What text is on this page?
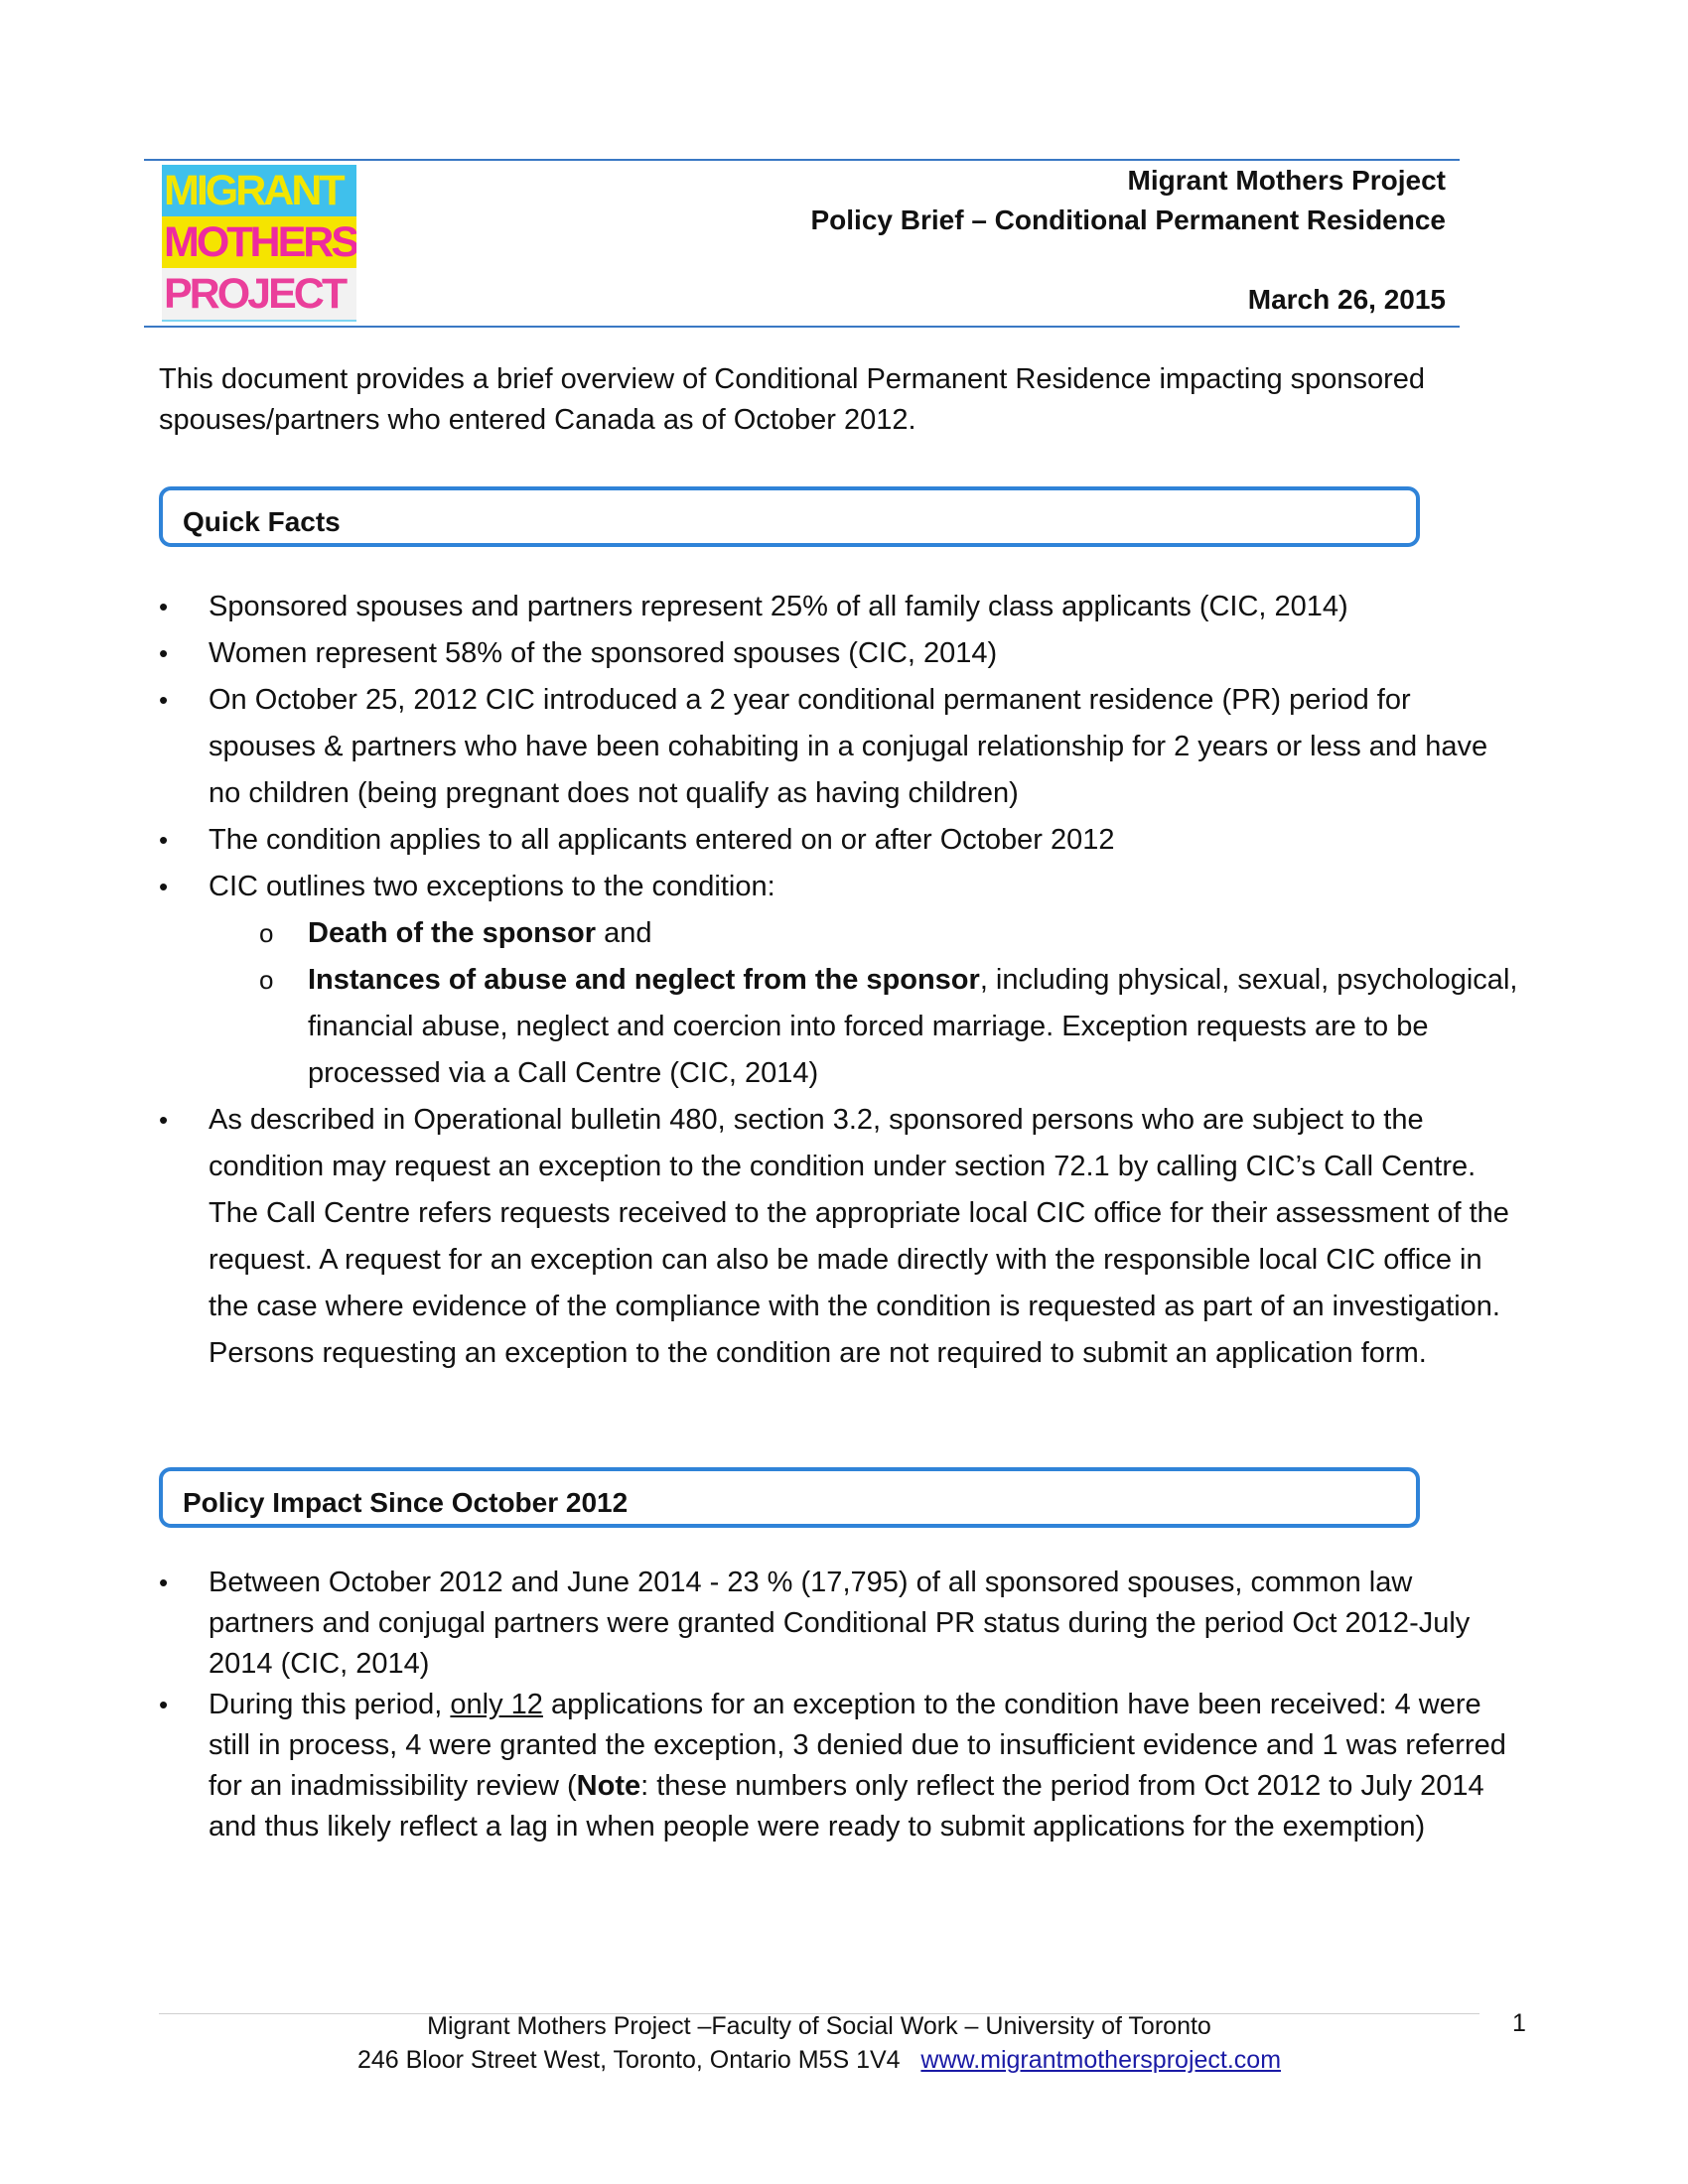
MIGRANT
MOTHERS
PROJECT
Migrant Mothers Project
Policy Brief – Conditional Permanent Residence
March 26, 2015

This document provides a brief overview of Conditional Permanent Residence impacting sponsored spouses/partners who entered Canada as of October 2012.

Quick Facts
• Sponsored spouses and partners represent 25% of all family class applicants (CIC, 2014)
• Women represent 58% of the sponsored spouses (CIC, 2014)
• On October 25, 2012 CIC introduced a 2 year conditional permanent residence (PR) period for spouses & partners who have been cohabiting in a conjugal relationship for 2 years or less and have no children (being pregnant does not qualify as having children)
• The condition applies to all applicants entered on or after October 2012
• CIC outlines two exceptions to the condition:
o Death of the sponsor and
o Instances of abuse and neglect from the sponsor, including physical, sexual, psychological, financial abuse, neglect and coercion into forced marriage. Exception requests are to be processed via a Call Centre (CIC, 2014)
• As described in Operational bulletin 480, section 3.2, sponsored persons who are subject to the condition may request an exception to the condition under section 72.1 by calling CIC’s Call Centre. The Call Centre refers requests received to the appropriate local CIC office for their assessment of the request. A request for an exception can also be made directly with the responsible local CIC office in the case where evidence of the compliance with the condition is requested as part of an investigation. Persons requesting an exception to the condition are not required to submit an application form.
Policy Impact Since October 2012
• Between October 2012 and June 2014 - 23 % (17,795) of all sponsored spouses, common law partners and conjugal partners were granted Conditional PR status during the period Oct 2012-July 2014 (CIC, 2014)
• During this period, only 12 applications for an exception to the condition have been received: 4 were still in process, 4 were granted the exception, 3 denied due to insufficient evidence and 1 was referred for an inadmissibility review (Note: these numbers only reflect the period from Oct 2012 to July 2014 and thus likely reflect a lag in when people were ready to submit applications for the exemption)
Migrant Mothers Project –Faculty of Social Work – University of Toronto
246 Bloor Street West, Toronto, Ontario M5S 1V4 www.migrantmothersproject.com
1
